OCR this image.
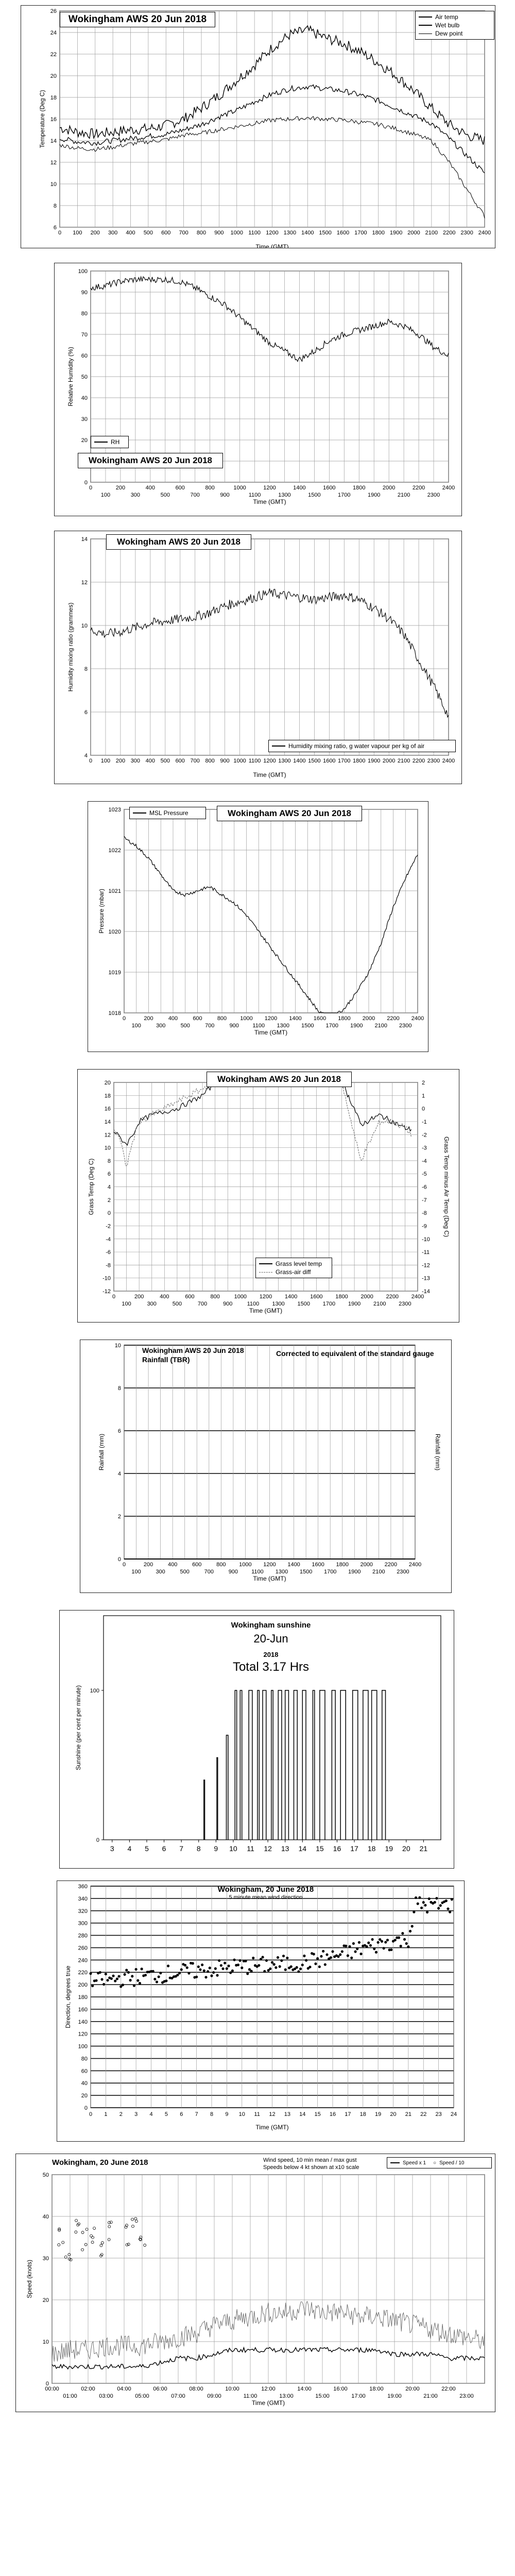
6
8
10
12
14
16
18
20
22
24
26
0 100 200 300 400 500 600 700 800 900 1000 1100 1200 1300 1400 1500 1600 1700 1800 1900 2000 2100 2200 2300 2400
Time (GMT)
Temperature (Deg C)
Wokingham AWS 20 Jun 2018	Air temp
Wet bulb
Dew point
0
20
30
40
50
60
70
80
90
100
0	200	400	600	800	1000	1200	1400	1600	1800	2000	2200	2400
100	300	500	700	900	1100	1300	1500	1700	1900	2100	2300
Time (GMT)
Relative Humidity (%)
RH
Wokingham AWS 20 Jun 2018
4
6
8
10
12
14
0 100 200 300 400 500 600 700 800 900 1000 1100 1200 1300 1400 1500 1600 1700 1800 1900 2000 2100 2200 2300 2400
Time (GMT)
Humidity mixing ratio (grammes)
Wokingham AWS 20 Jun 2018
Humidity mixing ratio, g water vapour per kg of air
1018
1019
1020
1021
1022
1023
0	200	400	600	800 1000 1200 1400 1600 1800 2000 2200 2400
100	300	500	700	900 1100 1300 1500 1700 1900 2100 2300
Time (GMT)
Pressure (mbar)
MSL Pressure	Wokingham AWS 20 Jun 2018
-12
-10
-8
-6
-4
-2
0
2
4
6
8
10
12
14
16
18
20	2
1
0
-1
-2
-3
-4
-5
-6
-7
-8
-9
-10
-11
-12
-13
-14
0	200	400	600	800	1000 1200 1400 1600 1800 2000 2200 2400
100	300	500	700	900	1100 1300 1500 1700 1900 2100 2300
Time (GMT)
Grass Temp (Deg C)	Grass Temp minus Air Temp (Deg C)
Wokingham AWS 20 Jun 2018
Grass level temp
Grass-air diff
0
2
4
6
8
10
0	200	400	600	800 1000 1200 1400 1600 1800 2000 2200 2400
100	300	500	700	900 1100 1300 1500 1700 1900 2100 2300
Time (GMT)
Rainfall (mm)	Rainfall (mm)
Wokingham AWS 20 Jun 2018
Rainfall (TBR)
Corrected to equivalent of the standard gauge
0
100
3 4 5 6 7 8 9 10 11 12 13 14 15 16 17 18 19 20 21
Sunshine (per cent per minute)
Wokingham sunshine
20-Jun
2018
Total 3.17 Hrs
0
20
40
60
80
100
120
140
160
180
200
220
240
260
280
300
320
340
360
0 1 2 3 4 5 6 7 8 9 10 11 12 13 14 15 16 17 18 19 20 21 22 23 24
Time (GMT)
Direction, degrees true
Wokingham, 20 June 2018
5 minute mean wind direction
0
10
20
30
40
50
00:00	02:00	04:00	06:00	08:00	10:00	12:00	14:00	16:00	18:00	20:00	22:00
01:00	03:00	05:00	07:00	09:00	11:00	13:00	15:00	17:00	19:00	21:00	23:00
Time (GMT)
Speed (knots)
Wokingham, 20 June 2018	Wind speed, 10 min mean / max gust
Speeds below 4 kt shown at x10 scale
Speed x 1 ○ Speed / 10
